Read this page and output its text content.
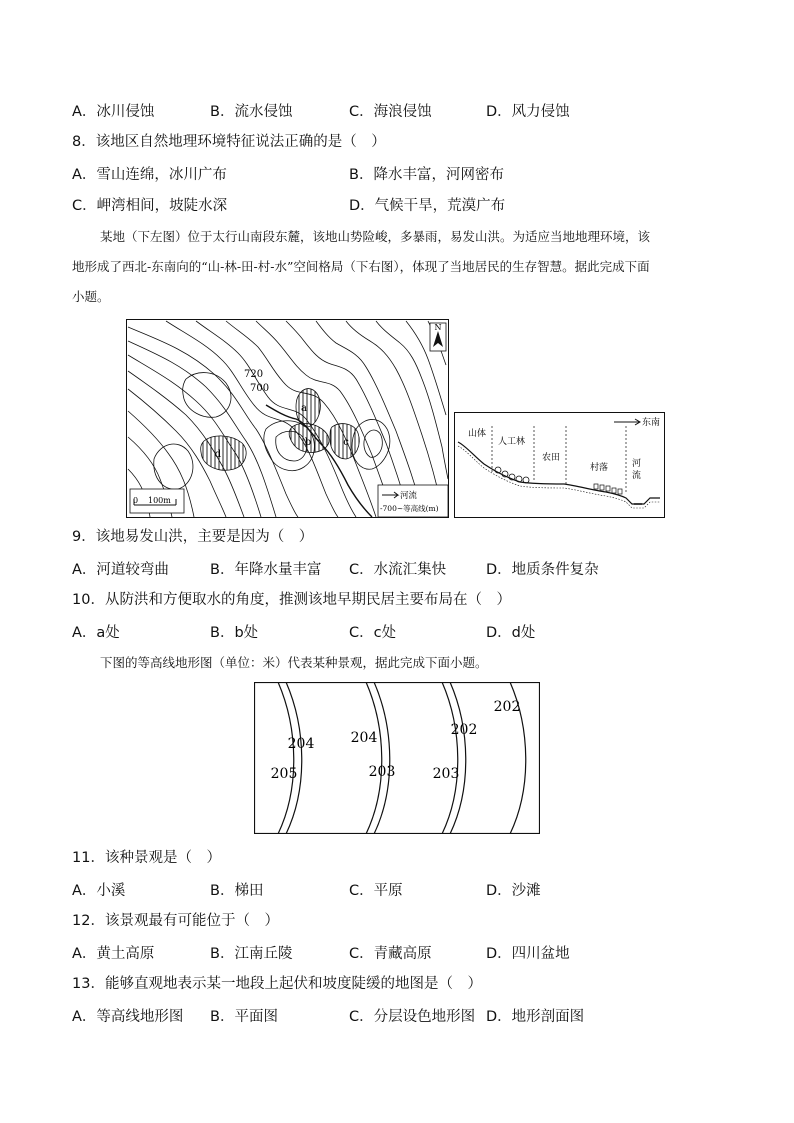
A．冰川侵蚀	B．流水侵蚀	C．海浪侵蚀	D．风力侵蚀
8．该地区自然地理环境特征说法正确的是（　）
A．雪山连绵，冰川广布	B．降水丰富，河网密布
C．岬湾相间，坡陡水深	D．气候干旱，荒漠广布
某地（下左图）位于太行山南段东麓，该地山势险峻，多暴雨，易发山洪。为适应当地地理环境，该
地形成了西北-东南向的“山-林-田-村-水”空间格局（下右图），体现了当地居民的生存智慧。据此完成下面
小题。
a
b	c
d
720
700
N
0 100m	河流
-700~等高线(m)
东南
山体
人工林
农田
村落	河
流
9．该地易发山洪，主要是因为（　）
A．河道较弯曲	B．年降水量丰富 C．水流汇集快	D．地质条件复杂
10．从防洪和方便取水的角度，推测该地早期民居主要布局在（　）
A．a处	B．b处	C．c处	D．d处
下图的等高线地形图（单位：米）代表某种景观，据此完成下面小题。
205
204	204
203	203
202
202
11．该种景观是（　）
A．小溪	B．梯田	C．平原	D．沙滩
12．该景观最有可能位于（　）
A．黄土高原	B．江南丘陵	C．青藏高原	D．四川盆地
13．能够直观地表示某一地段上起伏和坡度陡缓的地图是（　）
A．等高线地形图 B．平面图	C．分层设色地形图 D．地形剖面图
